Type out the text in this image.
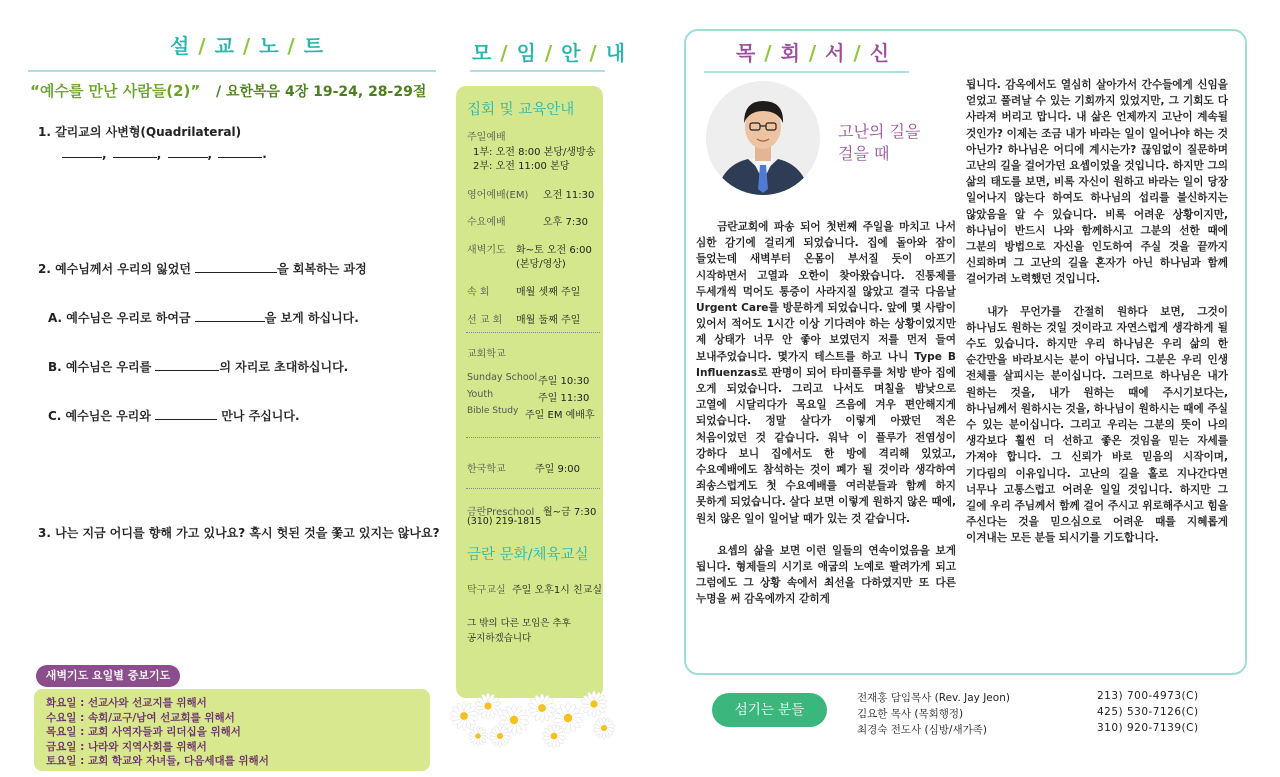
설 / 교 / 노 / 트
“예수를 만난 사람들(2)” / 요한복음 4장 19-24, 28-29절
1. 갈리교의 사변형(Quadrilateral)
,	,	,	.
2. 예수님께서 우리의 잃었던	을 회복하는 과정
A. 예수님은 우리로 하여금	을 보게 하십니다.
B. 예수님은 우리를	의 자리로 초대하십니다.
C. 예수님은 우리와	만나 주십니다.
3. 나는 지금 어디를 향해 가고 있나요? 혹시 헛된 것을 쫓고 있지는 않나요?
새벽기도 요일별 중보기도
화요일 : 선교사와 선교지를 위해서
수요일 : 속회/교구/남여 선교회를 위해서
목요일 : 교회 사역자들과 리더십을 위해서
금요일 : 나라와 지역사회를 위해서
토요일 : 교회 학교와 자녀들, 다음세대를 위해서
모 / 임 / 안 / 내
집회 및 교육안내
주일예배
1부: 오전 8:00 본당/생방송
2부: 오전 11:00 본당
영어예배(EM) 오전 11:30
수요예배	오후 7:30
새벽기도 화~토 오전 6:00
(본당/영상)
속 회	매월 셋째 주일
선 교 회 매월 둘째 주일
교회학교
Sunday School 주일 10:30
Youth	주일 11:30
Bible Study 주일 EM 예배후
한국학교	주일 9:00
금란Preschool 월~금 7:30
(310) 219-1815
금란 문화/체육교실
탁구교실 주일 오후1시 친교실
그 밖의 다른 모임은 추후
공지하겠습니다
목 / 회 / 서 / 신
고난의 길을
걸을 때

금란교회에 파송 되어 첫번째 주일을 마치고 나서 심한 감기에 걸리게 되었습니다. 집에 돌아와 잠이 들었는데 새벽부터 온몸이 부서질 듯이 아프기 시작하면서 고열과 오한이 찾아왔습니다. 진통제를 두세개씩 먹어도 통증이 사라지질 않았고 결국 다음날 Urgent Care를 방문하게 되었습니다. 앞에 몇 사람이 있어서 적어도 1시간 이상 기다려야 하는 상황이었지만 제 상태가 너무 안 좋아 보였던지 저를 먼저 들여 보내주었습니다. 몇가지 테스트를 하고 나니 Type B Influenzas로 판명이 되어 타미플루를 처방 받아 집에 오게 되었습니다. 그리고 나서도 며칠을 밤낮으로 고열에 시달리다가 목요일 즈음에 겨우 편안해지게 되었습니다. 정말 살다가 이렇게 아팠던 적은 처음이었던 것 같습니다. 워낙 이 플루가 전염성이 강하다 보니 집에서도 한 방에 격리해 있었고, 수요예배에도 참석하는 것이 폐가 될 것이라 생각하여 죄송스럽게도 첫 수요예배를 여러분들과 함께 하지 못하게 되었습니다. 살다 보면 이렇게 원하지 않은 때에, 원치 않은 일이 일어날 때가 있는 것 같습니다.

요셉의 삶을 보면 이런 일들의 연속이었음을 보게 됩니다. 형제들의 시기로 애굽의 노예로 팔려가게 되고 그럼에도 그 상황 속에서 최선을 다하였지만 또 다른 누명을 써 감옥에까지 갇히게

됩니다. 감옥에서도 열심히 살아가서 간수들에게 신임을 얻었고 풀려날 수 있는 기회까지 있었지만, 그 기회도 다 사라져 버리고 맙니다. 내 삶은 언제까지 고난이 계속될 것인가? 이제는 조금 내가 바라는 일이 일어나야 하는 것 아닌가? 하나님은 어디에 계시는가? 끊임없이 질문하며 고난의 길을 걸어가던 요셉이었을 것입니다. 하지만 그의 삶의 태도를 보면, 비록 자신이 원하고 바라는 일이 당장 일어나지 않는다 하여도 하나님의 섭리를 불신하지는 않았음을 알 수 있습니다. 비록 어려운 상황이지만, 하나님이 반드시 나와 함께하시고 그분의 선한 때에 그분의 방법으로 자신을 인도하여 주실 것을 끝까지 신뢰하며 그 고난의 길을 혼자가 아닌 하나님과 함께 걸어가려 노력했던 것입니다.

내가 무언가를 간절히 원하다 보면, 그것이 하나님도 원하는 것일 것이라고 자연스럽게 생각하게 될 수도 있습니다. 하지만 우리 하나님은 우리 삶의 한 순간만을 바라보시는 분이 아닙니다. 그분은 우리 인생 전체를 살피시는 분이십니다. 그러므로 하나님은 내가 원하는 것을, 내가 원하는 때에 주시기보다는, 하나님께서 원하시는 것을, 하나님이 원하시는 때에 주실 수 있는 분이십니다. 그리고 우리는 그분의 뜻이 나의 생각보다 훨씬 더 선하고 좋은 것임을 믿는 자세를 가져야 합니다. 그 신뢰가 바로 믿음의 시작이며, 기다림의 이유입니다. 고난의 길을 홀로 지나간다면 너무나 고통스럽고 어려운 일일 것입니다. 하지만 그 길에 우리 주님께서 함께 걸어 주시고 위로해주시고 힘을 주신다는 것을 믿으심으로 어려운 때를 지혜롭게 이겨내는 모든 분들 되시기를 기도합니다.

섬기는 분들
전재홍 담임목사 (Rev. Jay Jeon)	213) 700-4973(C)
김요한 목사 (목회행정)	425) 530-7126(C)
최경숙 전도사 (심방/새가족)	310) 920-7139(C)
